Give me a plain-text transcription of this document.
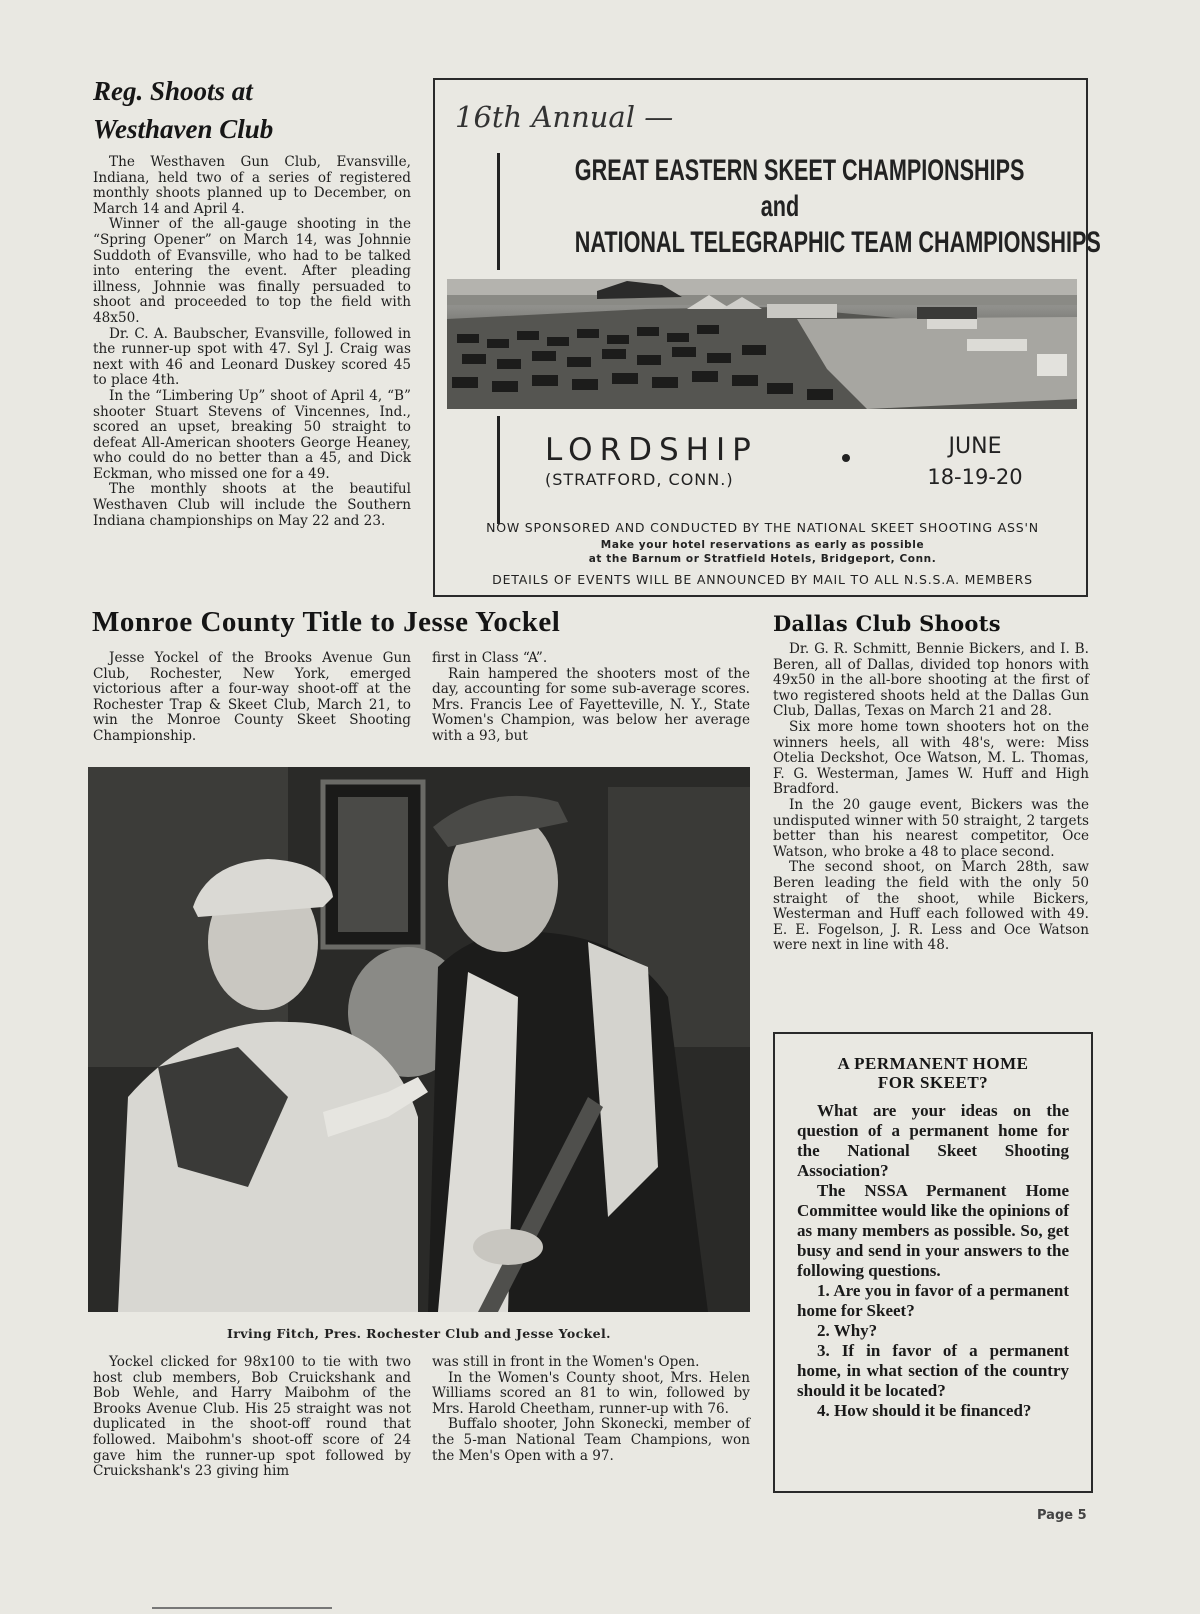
Reg. Shoots at
Westhaven Club

The Westhaven Gun Club, Evansville, Indiana, held two of a series of registered monthly shoots planned up to December, on March 14 and April 4.

Winner of the all-gauge shooting in the “Spring Opener” on March 14, was Johnnie Suddoth of Evansville, who had to be talked into entering the event. After pleading illness, Johnnie was finally persuaded to shoot and proceeded to top the field with 48x50.

Dr. C. A. Baubscher, Evansville, followed in the runner-up spot with 47. Syl J. Craig was next with 46 and Leonard Duskey scored 45 to place 4th.

In the “Limbering Up” shoot of April 4, “B” shooter Stuart Stevens of Vincennes, Ind., scored an upset, breaking 50 straight to defeat All-American shooters George Heaney, who could do no better than a 45, and Dick Eckman, who missed one for a 49.

The monthly shoots at the beautiful Westhaven Club will include the Southern Indiana championships on May 22 and 23.

16th Annual —
GREAT EASTERN SKEET CHAMPIONSHIPS
and
NATIONAL TELEGRAPHIC TEAM CHAMPIONSHIPS
LORDSHIP
(STRATFORD, CONN.)
JUNE
18-19-20
NOW SPONSORED AND CONDUCTED BY THE NATIONAL SKEET SHOOTING ASS'N
Make your hotel reservations as early as possible
at the Barnum or Stratfield Hotels, Bridgeport, Conn.
DETAILS OF EVENTS WILL BE ANNOUNCED BY MAIL TO ALL N.S.S.A. MEMBERS
Monroe County Title to Jesse Yockel

Jesse Yockel of the Brooks Avenue Gun Club, Rochester, New York, emerged victorious after a four-way shoot-off at the Rochester Trap & Skeet Club, March 21, to win the Monroe County Skeet Shooting Championship.

first in Class “A”.

Rain hampered the shooters most of the day, accounting for some sub-average scores. Mrs. Francis Lee of Fayetteville, N. Y., State Women's Champion, was below her average with a 93, but

Irving Fitch, Pres. Rochester Club and Jesse Yockel.

Yockel clicked for 98x100 to tie with two host club members, Bob Cruickshank and Bob Wehle, and Harry Maibohm of the Brooks Avenue Club. His 25 straight was not duplicated in the shoot-off round that followed. Maibohm's shoot-off score of 24 gave him the runner-up spot followed by Cruickshank's 23 giving him

was still in front in the Women's Open.

In the Women's County shoot, Mrs. Helen Williams scored an 81 to win, followed by Mrs. Harold Cheetham, runner-up with 76.

Buffalo shooter, John Skonecki, member of the 5-man National Team Champions, won the Men's Open with a 97.

Dallas Club Shoots

Dr. G. R. Schmitt, Bennie Bickers, and I. B. Beren, all of Dallas, divided top honors with 49x50 in the all-bore shooting at the first of two registered shoots held at the Dallas Gun Club, Dallas, Texas on March 21 and 28.

Six more home town shooters hot on the winners heels, all with 48's, were: Miss Otelia Deckshot, Oce Watson, M. L. Thomas, F. G. Westerman, James W. Huff and High Bradford.

In the 20 gauge event, Bickers was the undisputed winner with 50 straight, 2 targets better than his nearest competitor, Oce Watson, who broke a 48 to place second.

The second shoot, on March 28th, saw Beren leading the field with the only 50 straight of the shoot, while Bickers, Westerman and Huff each followed with 49. E. E. Fogelson, J. R. Less and Oce Watson were next in line with 48.

A PERMANENT HOME
FOR SKEET?

What are your ideas on the question of a permanent home for the National Skeet Shooting Association?

The NSSA Permanent Home Committee would like the opinions of as many members as possible. So, get busy and send in your answers to the following questions.

1. Are you in favor of a permanent home for Skeet?

2. Why?

3. If in favor of a permanent home, in what section of the country should it be located?

4. How should it be financed?

Page 5
